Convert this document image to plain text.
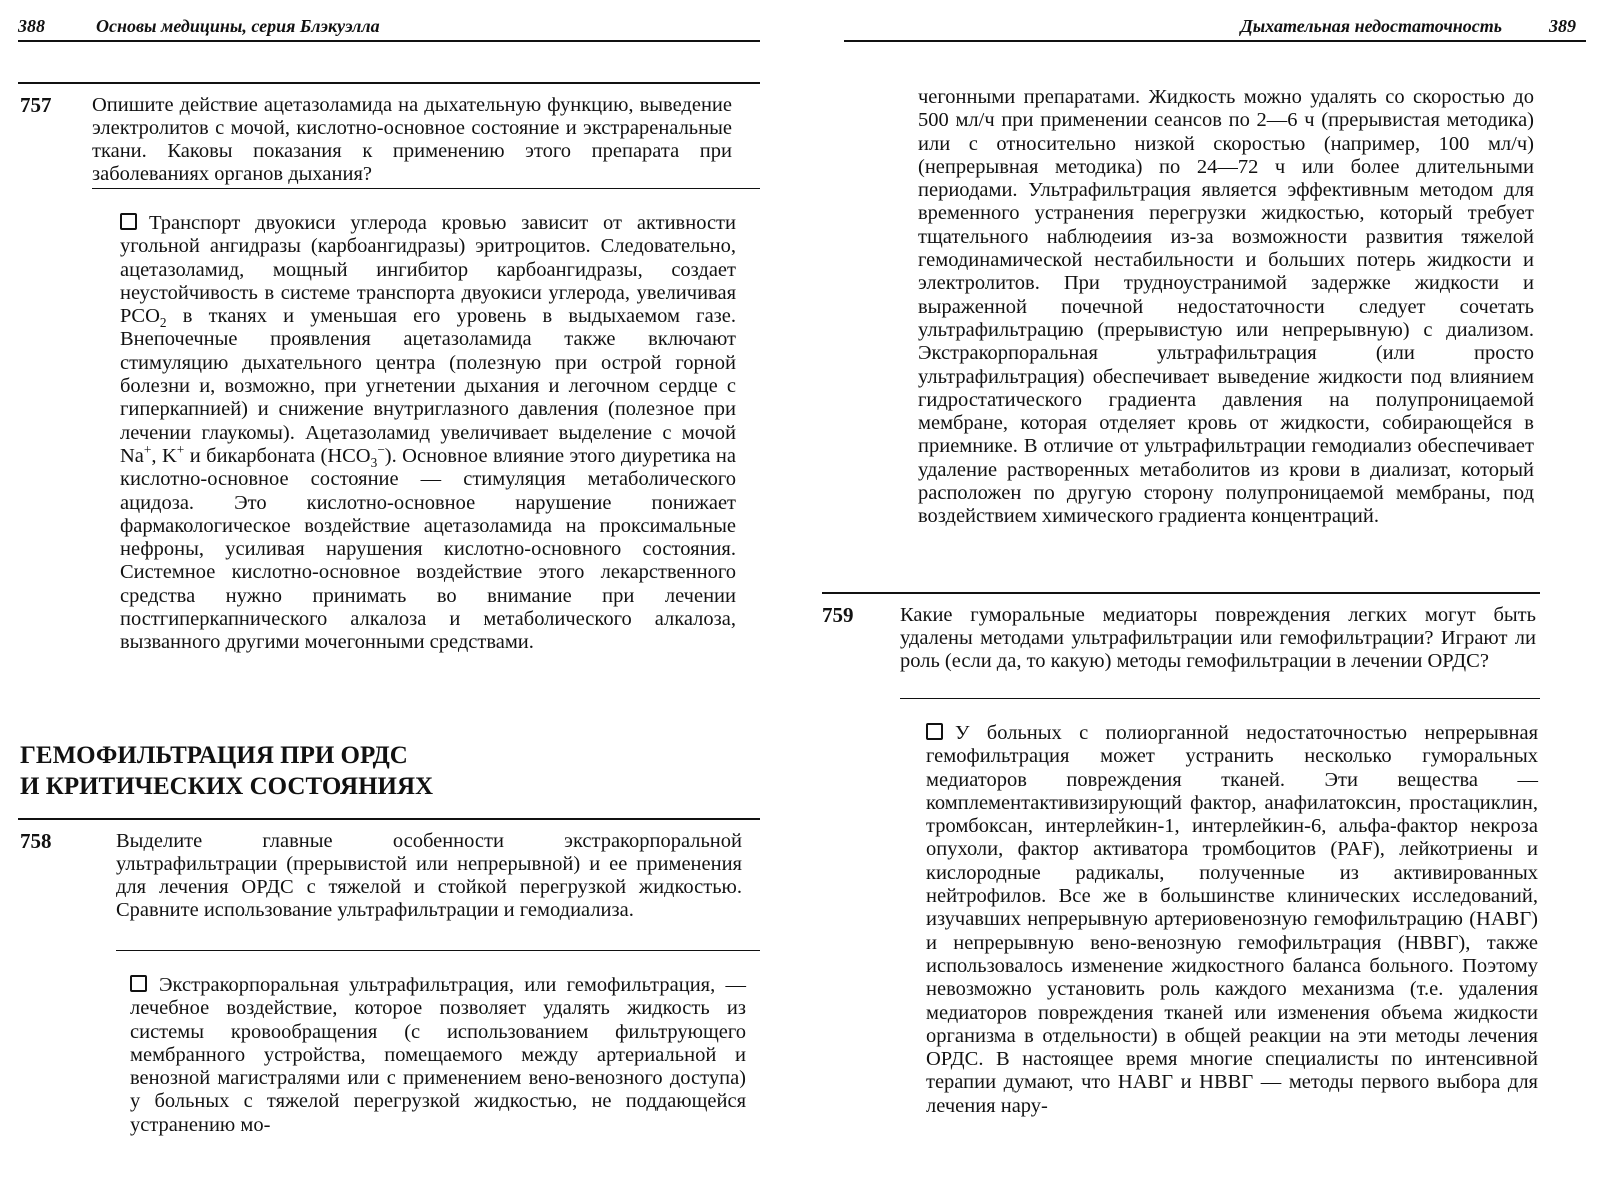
388	Основы медицины, серия Блэкуэлла
757 Опишите действие ацетазоламида на дыхательную функцию, выведение электролитов с мочой, кислотно-основное состояние и экстраренальные ткани. Каковы показания к применению этого препарата при заболеваниях органов дыхания?
Транспорт двуокиси углерода кровью зависит от активности угольной ангидразы (карбоангидразы) эритроцитов. Следовательно, ацетазоламид, мощный ингибитор карбоангидразы, создает неустойчивость в системе транспорта двуокиси углерода, увеличивая $PCO_2$ в тканях и уменьшая его уровень в выдыхаемом газе. Внепочечные проявления ацетазоламида также включают стимуляцию дыхательного центра (полезную при острой горной болезни и, возможно, при угнетении дыхания и легочном сердце с гиперкапнией) и снижение внутриглазного давления (полезное при лечении глаукомы). Ацетазоламид увеличивает выделение с мочой Na+, K+ и бикарбоната $(HCO_3^-)$. Основное влияние этого диуретика на кислотно-основное состояние — стимуляция метаболического ацидоза. Это кислотно-основное нарушение понижает фармакологическое воздействие ацетазоламида на проксимальные нефроны, усиливая нарушения кислотно-основного состояния. Системное кислотно-основное воздействие этого лекарственного средства нужно принимать во внимание при лечении постгиперкапнического алкалоза и метаболического алкалоза, вызванного другими мочегонными средствами.
ГЕМОФИЛЬТРАЦИЯ ПРИ ОРДС
И КРИТИЧЕСКИХ СОСТОЯНИЯХ
758	Выделите главные особенности экстракорпоральной ультрафильтрации (прерывистой или непрерывной) и ее применения для лечения ОРДС с тяжелой и стойкой перегрузкой жидкостью. Сравните использование ультрафильтрации и гемодиализа.
Экстракорпоральная ультрафильтрация, или гемофильтрация, — лечебное воздействие, которое позволяет удалять жидкость из системы кровообращения (с использованием фильтрующего мембранного устройства, помещаемого между артериальной и венозной магистралями или с применением вено-венозного доступа) у больных с тяжелой перегрузкой жидкостью, не поддающейся устранению мо-
Дыхательная недостаточность	389
чегонными препаратами. Жидкость можно удалять со скоростью до 500 мл/ч при применении сеансов по 2—6 ч (прерывистая методика) или с относительно низкой скоростью (например, 100 мл/ч) (непрерывная методика) по 24—72 ч или более длительными периодами. Ультрафильтрация является эффективным методом для временного устранения перегрузки жидкостью, который требует тщательного наблюдеиия из-за возможности развития тяжелой гемодинамической нестабильности и больших потерь жидкости и электролитов. При трудноустранимой задержке жидкости и выраженной почечной недостаточности следует сочетать ультрафильтрацию (прерывистую или непрерывную) с диализом. Экстракорпоральная ультрафильтрация (или просто ультрафильтрация) обеспечивает выведение жидкости под влиянием гидростатического градиента давления на полупроницаемой мембране, которая отделяет кровь от жидкости, собирающейся в приемнике. В отличие от ультрафильтрации гемодиализ обеспечивает удаление растворенных метаболитов из крови в диализат, который расположен по другую сторону полупроницаемой мембраны, под воздействием химического градиента концентраций.
759 Какие гуморальные медиаторы повреждения легких могут быть удалены методами ультрафильтрации или гемофильтрации? Играют ли роль (если да, то какую) методы гемофильтрации в лечении ОРДС?
У больных с полиорганной недостаточностью непрерывная гемофильтрация может устранить несколько гуморальных медиаторов повреждения тканей. Эти вещества — комплементактивизирующий фактор, анафилатоксин, простациклин, тромбоксан, интерлейкин-1, интерлейкин-6, альфа-фактор некроза опухоли, фактор активатора тромбоцитов (PAF), лейкотриены и кислородные радикалы, полученные из активированных нейтрофилов. Все же в большинстве клинических исследований, изучавших непрерывную артериовенозную гемофильтрацию (НАВГ) и непрерывную вено-венозную гемофильтрация (НВВГ), также использовалось изменение жидкостного баланса больного. Поэтому невозможно установить роль каждого механизма (т.е. удаления медиаторов повреждения тканей или изменения объема жидкости организма в отдельности) в общей реакции на эти методы лечения ОРДС. В настоящее время многие специалисты по интенсивной терапии думают, что НАВГ и НВВГ — методы первого выбора для лечения нару-
